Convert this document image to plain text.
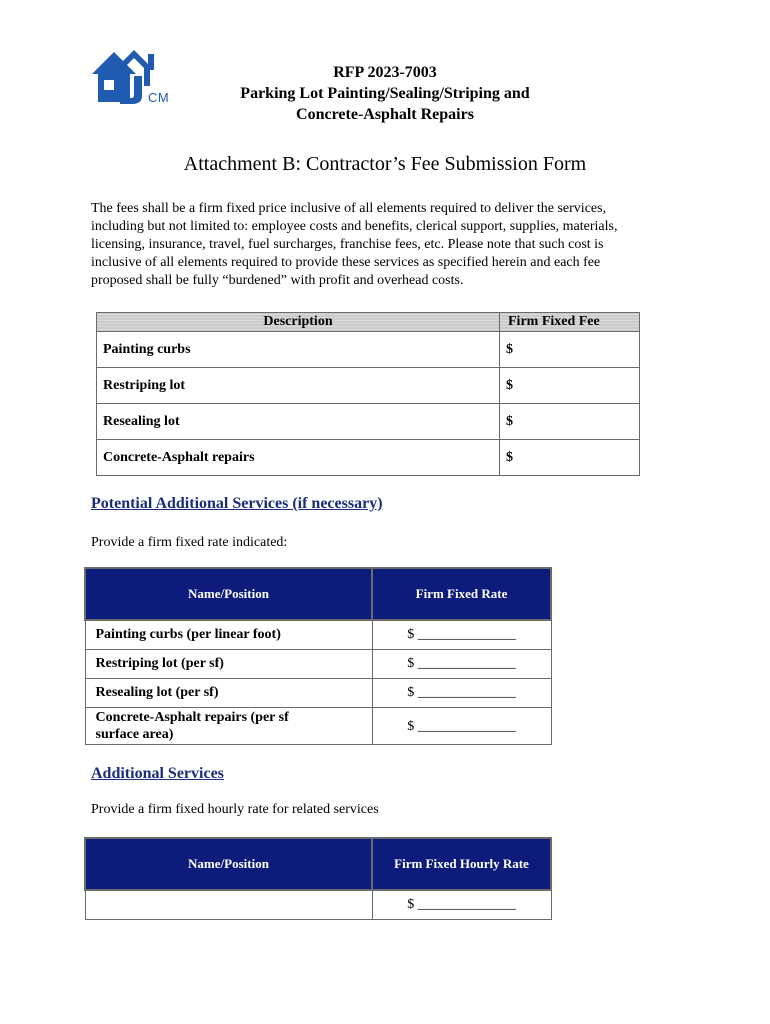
CM
RFP 2023-7003
Parking Lot Painting/Sealing/Striping and
Concrete-Asphalt Repairs
Attachment B: Contractor’s Fee Submission Form

The fees shall be a firm fixed price inclusive of all elements required to deliver the services,

including but not limited to: employee costs and benefits, clerical support, supplies, materials,

licensing, insurance, travel, fuel surcharges, franchise fees, etc. Please note that such cost is

inclusive of all elements required to provide these services as specified herein and each fee

proposed shall be fully “burdened” with profit and overhead costs.

Description	Firm Fixed Fee
Painting curbs	$
Restriping lot	$
Resealing lot	$
Concrete-Asphalt repairs	$
Potential Additional Services (if necessary)
Provide a firm fixed rate indicated:
Name/Position	Firm Fixed Rate
Painting curbs (per linear foot)	$ ______________
Restriping lot (per sf)	$ ______________
Resealing lot (per sf)	$ ______________

Concrete-Asphalt repairs (per sf
surface area)	$ ______________
Additional Services
Provide a firm fixed hourly rate for related services
Name/Position	Firm Fixed Hourly Rate
	$ ______________
